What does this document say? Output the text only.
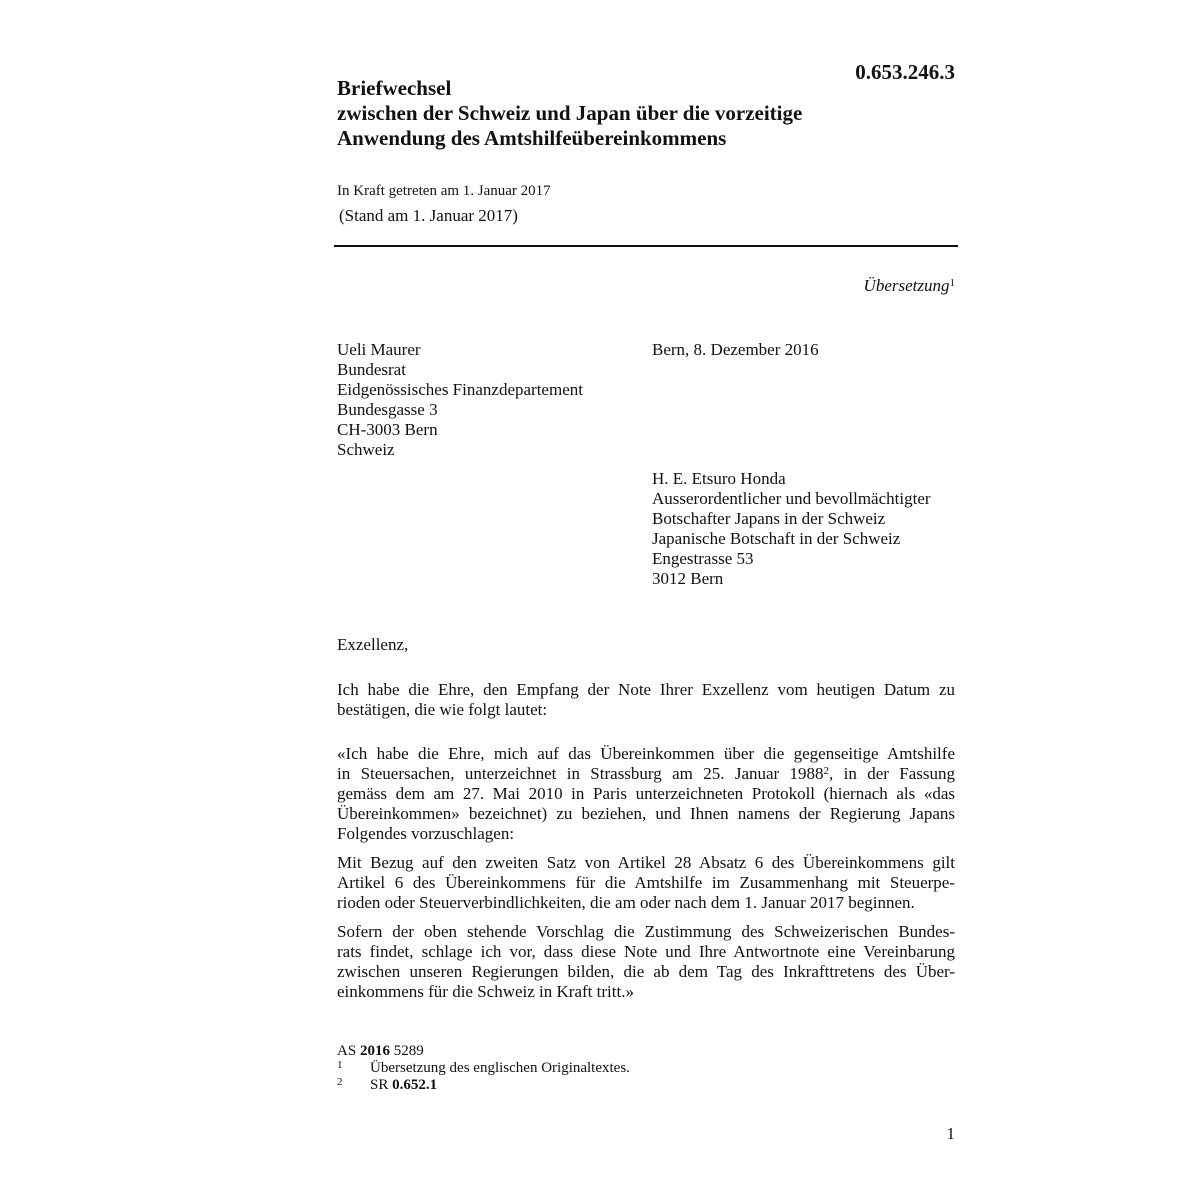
0.653.246.3
Briefwechsel
zwischen der Schweiz und Japan über die vorzeitige
Anwendung des Amtshilfeübereinkommens
In Kraft getreten am 1. Januar 2017
(Stand am 1. Januar 2017)
Übersetzung$^1$
Ueli Maurer
Bundesrat
Eidgenössisches Finanzdepartement
Bundesgasse 3
CH-3003 Bern
Schweiz
Bern, 8. Dezember 2016
H. E. Etsuro Honda
Ausserordentlicher und bevollmächtigter
Botschafter Japans in der Schweiz
Japanische Botschaft in der Schweiz
Engestrasse 53
3012 Bern
Exzellenz,
Ich habe die Ehre, den Empfang der Note Ihrer Exzellenz vom heutigen Datum zu
bestätigen, die wie folgt lautet:
«Ich habe die Ehre, mich auf das Übereinkommen über die gegenseitige Amtshilfe
in Steuersachen, unterzeichnet in Strassburg am 25. Januar 1988$^2$, in der Fassung
gemäss dem am 27. Mai 2010 in Paris unterzeichneten Protokoll (hiernach als «das
Übereinkommen» bezeichnet) zu beziehen, und Ihnen namens der Regierung Japans
Folgendes vorzuschlagen:
Mit Bezug auf den zweiten Satz von Artikel 28 Absatz 6 des Übereinkommens gilt
Artikel 6 des Übereinkommens für die Amtshilfe im Zusammenhang mit Steuerpe-
rioden oder Steuerverbindlichkeiten, die am oder nach dem 1. Januar 2017 beginnen.
Sofern der oben stehende Vorschlag die Zustimmung des Schweizerischen Bundes-
rats findet, schlage ich vor, dass diese Note und Ihre Antwortnote eine Vereinbarung
zwischen unseren Regierungen bilden, die ab dem Tag des Inkrafttretens des Über-
einkommens für die Schweiz in Kraft tritt.»
AS 2016 5289
1 Übersetzung des englischen Originaltextes.
2 SR 0.652.1
1
